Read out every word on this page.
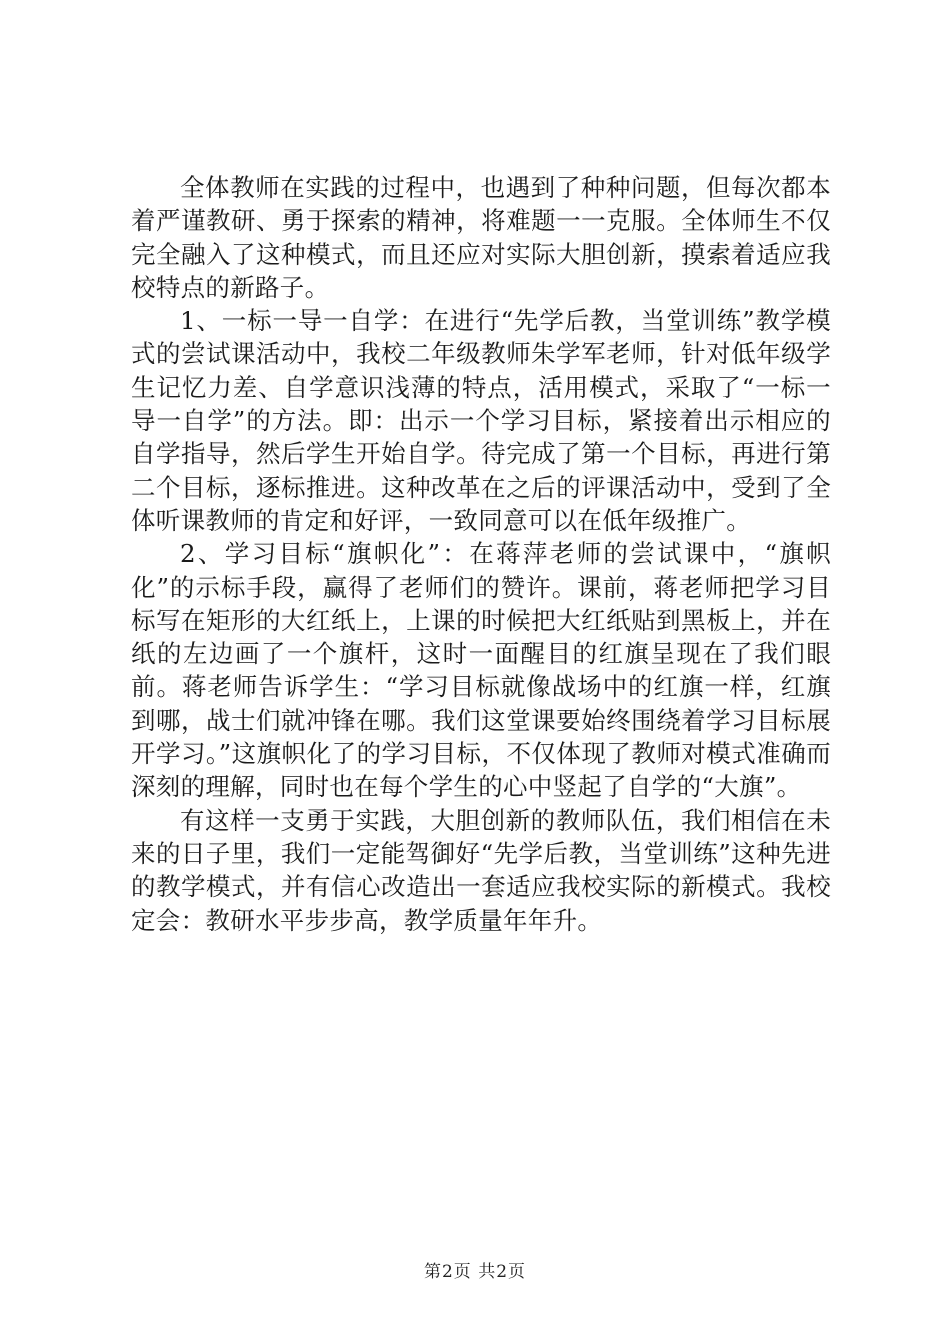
全体教师在实践的过程中，也遇到了种种问题，但每次都本着严谨教研、勇于探索的精神，将难题一一克服。全体师生不仅完全融入了这种模式，而且还应对实际大胆创新，摸索着适应我校特点的新路子。

1、一标一导一自学：在进行“先学后教，当堂训练”教学模式的尝试课活动中，我校二年级教师朱学军老师，针对低年级学生记忆力差、自学意识浅薄的特点，活用模式，采取了“一标一导一自学”的方法。即：出示一个学习目标，紧接着出示相应的自学指导，然后学生开始自学。待完成了第一个目标，再进行第二个目标，逐标推进。这种改革在之后的评课活动中，受到了全体听课教师的肯定和好评，一致同意可以在低年级推广。

2、学习目标“旗帜化”：在蒋萍老师的尝试课中，“旗帜化”的示标手段，赢得了老师们的赞许。课前，蒋老师把学习目标写在矩形的大红纸上，上课的时候把大红纸贴到黑板上，并在纸的左边画了一个旗杆，这时一面醒目的红旗呈现在了我们眼前。蒋老师告诉学生：“学习目标就像战场中的红旗一样，红旗到哪，战士们就冲锋在哪。我们这堂课要始终围绕着学习目标展开学习。”这旗帜化了的学习目标，不仅体现了教师对模式准确而深刻的理解，同时也在每个学生的心中竖起了自学的“大旗”。

有这样一支勇于实践，大胆创新的教师队伍，我们相信在未来的日子里，我们一定能驾御好“先学后教，当堂训练”这种先进的教学模式，并有信心改造出一套适应我校实际的新模式。我校定会：教研水平步步高，教学质量年年升。

第2页 共2页
